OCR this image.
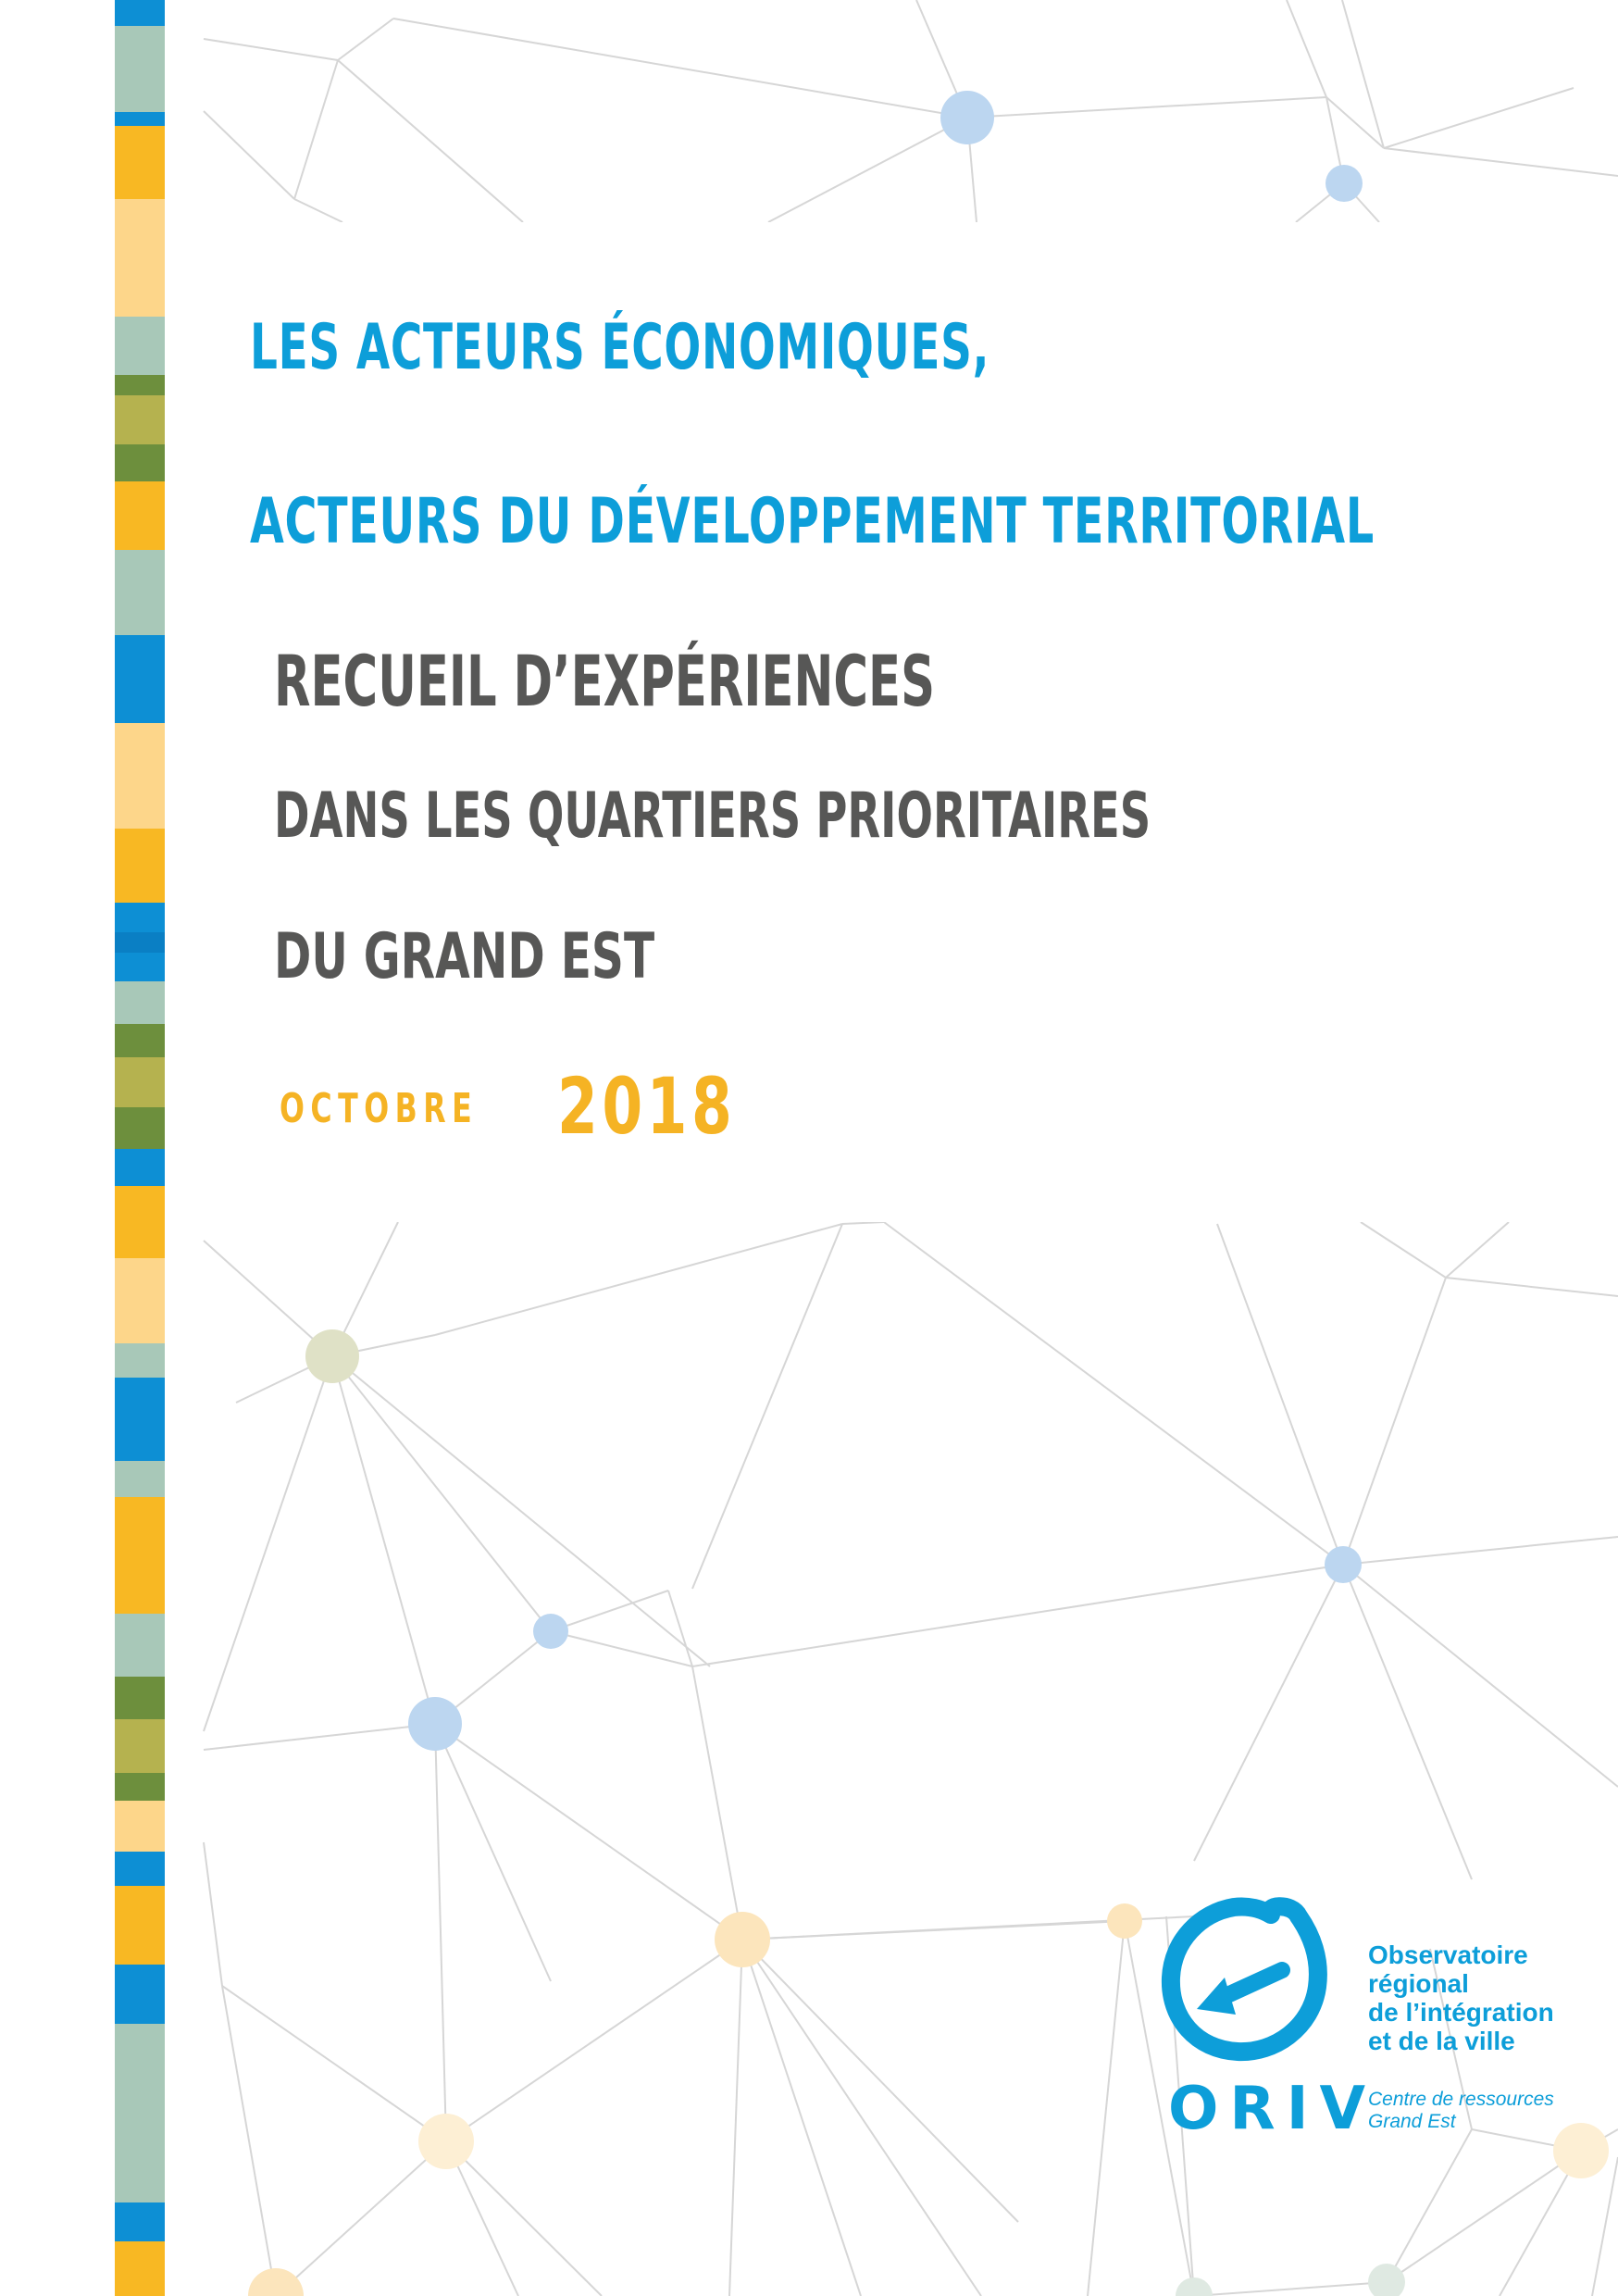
LES ACTEURS ÉCONOMIQUES,
ACTEURS DU DÉVELOPPEMENT TERRITORIAL
RECUEIL D’EXPÉRIENCES
DANS LES QUARTIERS PRIORITAIRES
DU GRAND EST
OCTOBRE 2018
ORIV
Observatoire
régional
de l’intégration
et de la ville
Centre de ressources
Grand Est
